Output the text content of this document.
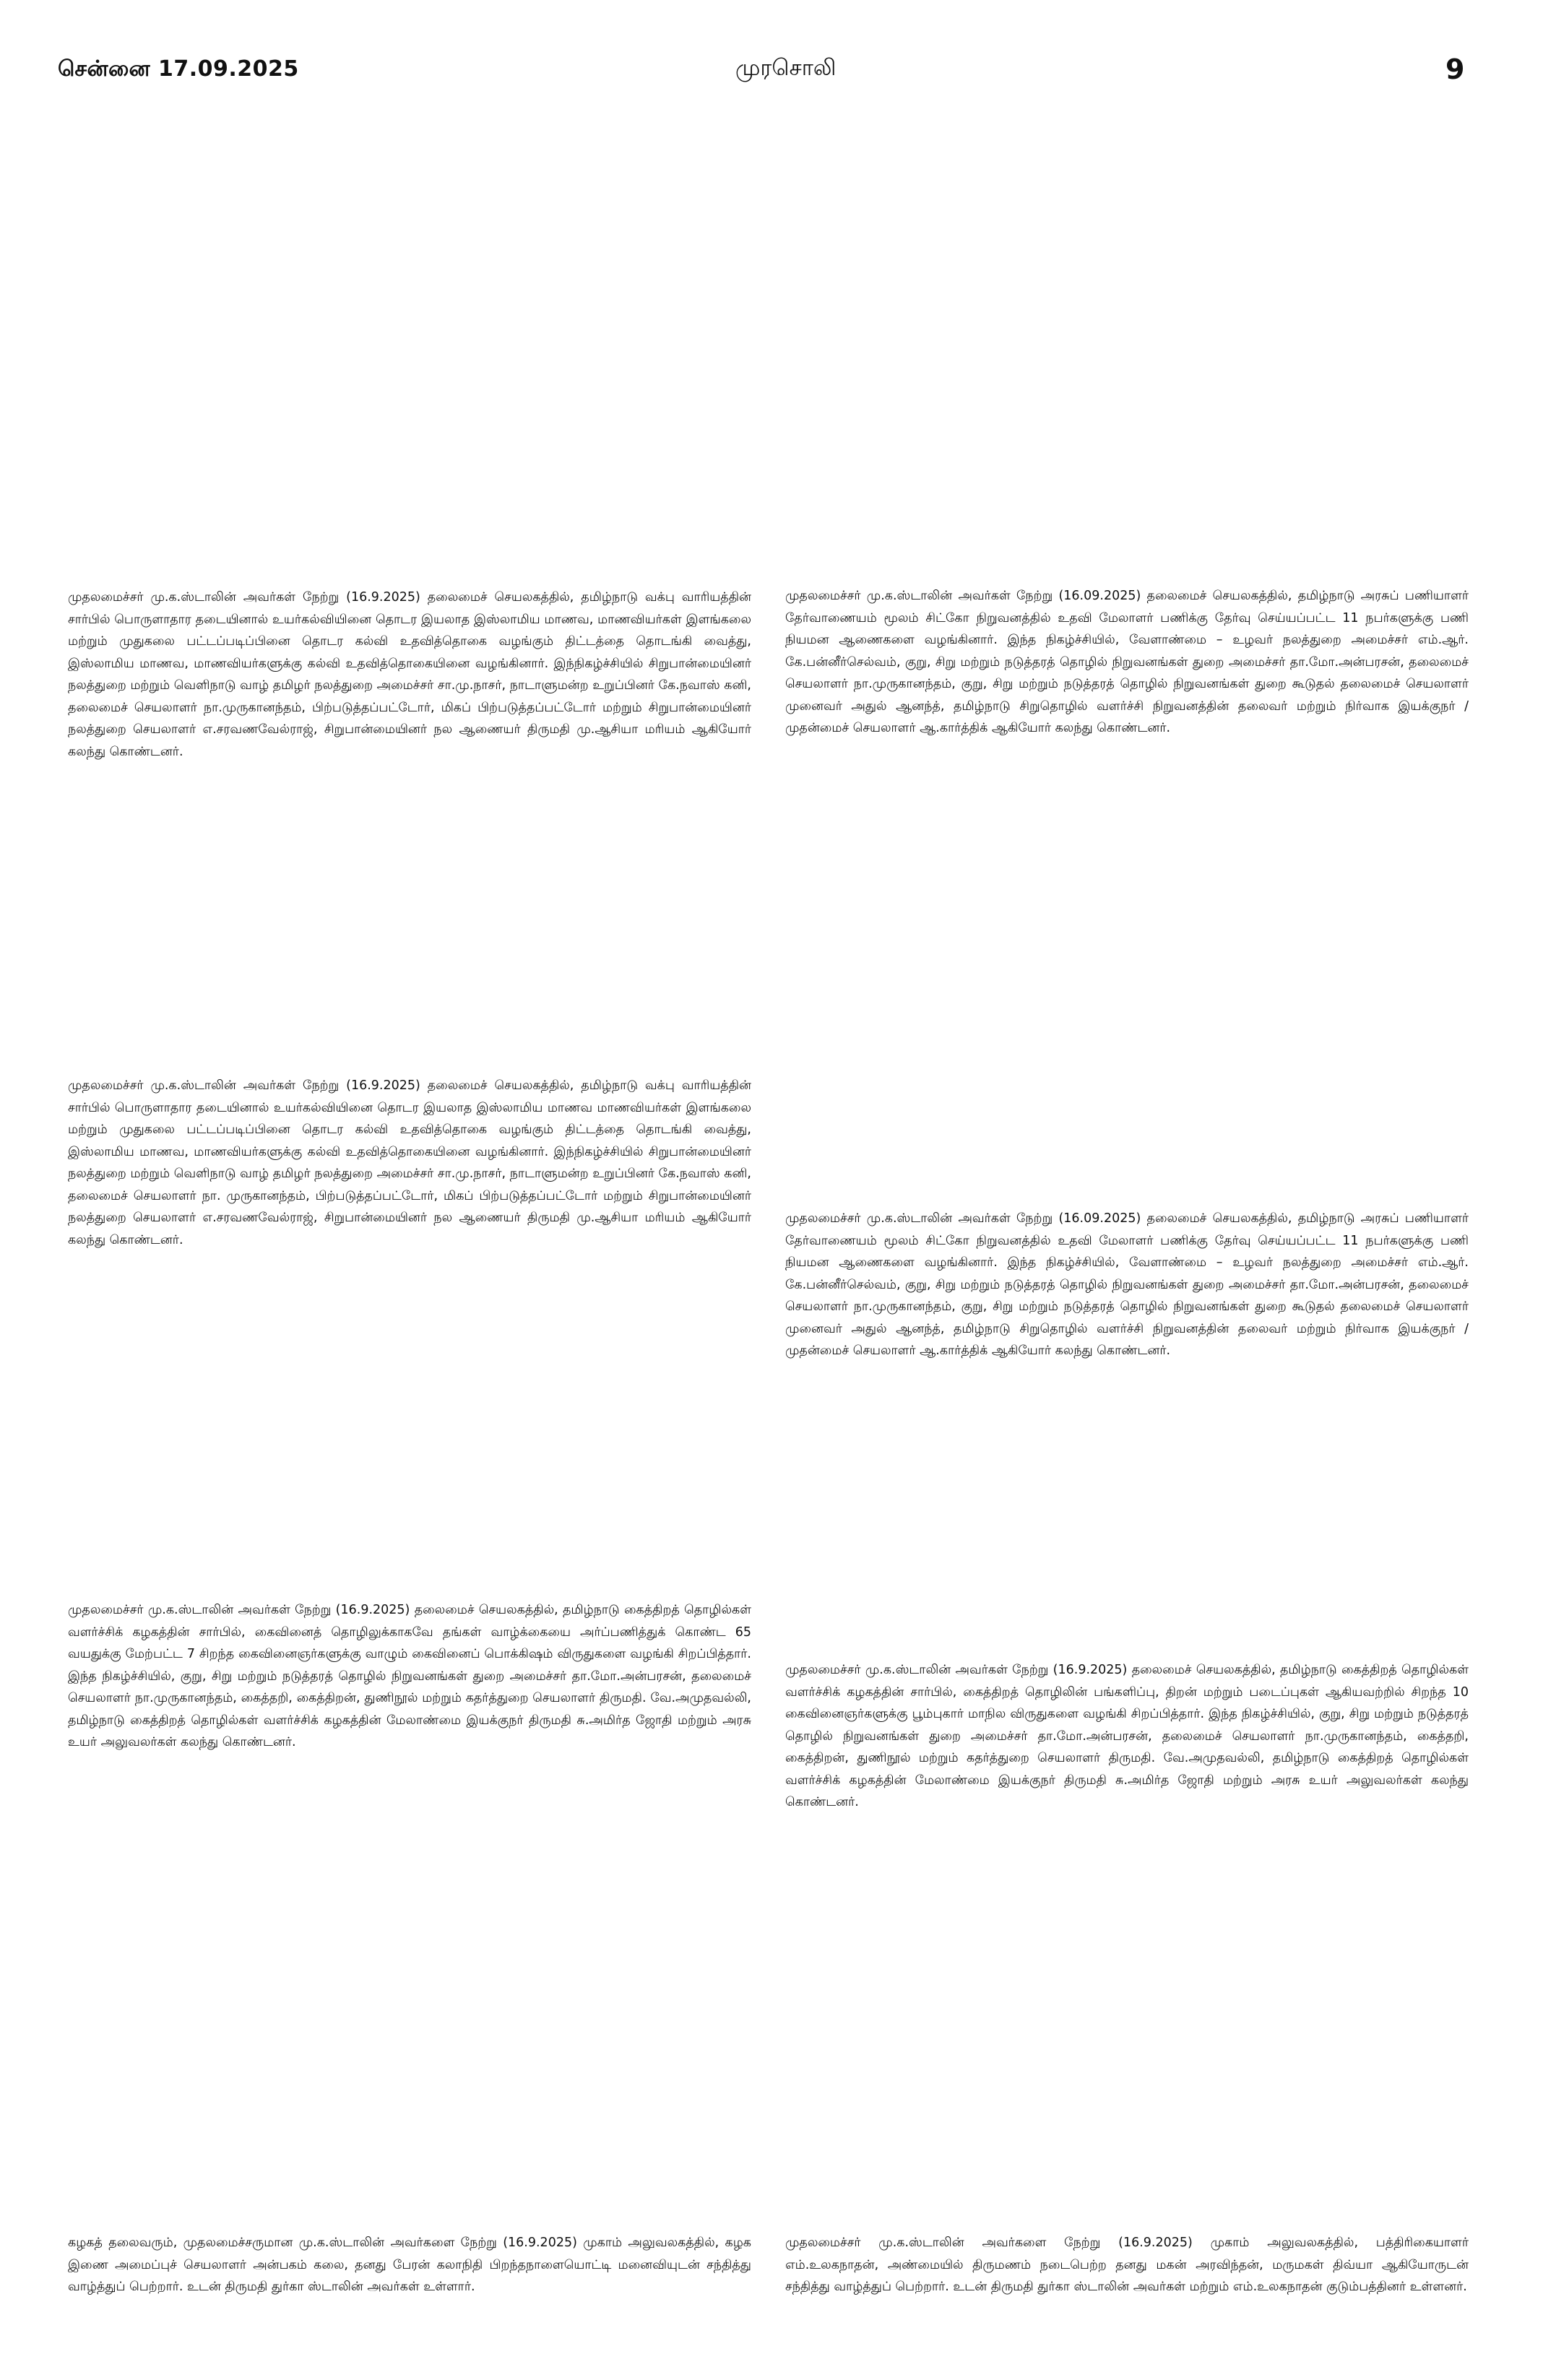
சென்னை 17.09.2025	முரசொலி	9

முதலமைச்சர் மு.க.ஸ்டாலின் அவர்கள் நேற்று (16.9.2025) தலைமைச் செயலகத்தில், தமிழ்நாடு வக்பு வாரியத்தின் சார்பில் பொருளாதார தடையினால் உயர்கல்வியினை தொடர இயலாத இஸ்லாமிய மாணவ, மாணவியர்கள் இளங்கலை மற்றும் முதுகலை பட்டப்படிப்பினை தொடர கல்வி உதவித்தொகை வழங்கும் திட்டத்தை தொடங்கி வைத்து, இஸ்லாமிய மாணவ, மாணவியர்களுக்கு கல்வி உதவித்தொகையினை வழங்கினார். இந்நிகழ்ச்சியில் சிறுபான்மையினர் நலத்துறை மற்றும் வெளிநாடு வாழ் தமிழர் நலத்துறை அமைச்சர் சா.மு.நாசர், நாடாளுமன்ற உறுப்பினர் கே.நவாஸ் கனி, தலைமைச் செயலாளர் நா.முருகானந்தம், பிற்படுத்தப்பட்டோர், மிகப் பிற்படுத்தப்பட்டோர் மற்றும் சிறுபான்மையினர் நலத்துறை செயலாளர் எ.சரவணவேல்ராஜ், சிறுபான்மையினர் நல ஆணையர் திருமதி மு.ஆசியா மரியம் ஆகியோர் கலந்து கொண்டனர்.

முதலமைச்சர் மு.க.ஸ்டாலின் அவர்கள் நேற்று (16.09.2025) தலைமைச் செயலகத்தில், தமிழ்நாடு அரசுப் பணியாளர் தேர்வாணையம் மூலம் சிட்கோ நிறுவனத்தில் உதவி மேலாளர் பணிக்கு தேர்வு செய்யப்பட்ட 11 நபர்களுக்கு பணி நியமன ஆணைகளை வழங்கினார். இந்த நிகழ்ச்சியில், வேளாண்மை – உழவர் நலத்துறை அமைச்சர் எம்.ஆர். கே.பன்னீர்செல்வம், குறு, சிறு மற்றும் நடுத்தரத் தொழில் நிறுவனங்கள் துறை அமைச்சர் தா.மோ.அன்பரசன், தலைமைச் செயலாளர் நா.முருகானந்தம், குறு, சிறு மற்றும் நடுத்தரத் தொழில் நிறுவனங்கள் துறை கூடுதல் தலைமைச் செயலாளர் முனைவர் அதுல் ஆனந்த், தமிழ்நாடு சிறுதொழில் வளர்ச்சி நிறுவனத்தின் தலைவர் மற்றும் நிர்வாக இயக்குநர் / முதன்மைச் செயலாளர் ஆ.கார்த்திக் ஆகியோர் கலந்து கொண்டனர்.

முதலமைச்சர் மு.க.ஸ்டாலின் அவர்கள் நேற்று (16.9.2025) தலைமைச் செயலகத்தில், தமிழ்நாடு வக்பு வாரியத்தின் சார்பில் பொருளாதார தடையினால் உயர்கல்வியினை தொடர இயலாத இஸ்லாமிய மாணவ மாணவியர்கள் இளங்கலை மற்றும் முதுகலை பட்டப்படிப்பினை தொடர கல்வி உதவித்தொகை வழங்கும் திட்டத்தை தொடங்கி வைத்து, இஸ்லாமிய மாணவ, மாணவியர்களுக்கு கல்வி உதவித்தொகையினை வழங்கினார். இந்நிகழ்ச்சியில் சிறுபான்மையினர் நலத்துறை மற்றும் வெளிநாடு வாழ் தமிழர் நலத்துறை அமைச்சர் சா.மு.நாசர், நாடாளுமன்ற உறுப்பினர் கே.நவாஸ் கனி, தலைமைச் செயலாளர் நா. முருகானந்தம், பிற்படுத்தப்பட்டோர், மிகப் பிற்படுத்தப்பட்டோர் மற்றும் சிறுபான்மையினர் நலத்துறை செயலாளர் எ.சரவணவேல்ராஜ், சிறுபான்மையினர் நல ஆணையர் திருமதி மு.ஆசியா மரியம் ஆகியோர் கலந்து கொண்டனர்.

முதலமைச்சர் மு.க.ஸ்டாலின் அவர்கள் நேற்று (16.09.2025) தலைமைச் செயலகத்தில், தமிழ்நாடு அரசுப் பணியாளர் தேர்வாணையம் மூலம் சிட்கோ நிறுவனத்தில் உதவி மேலாளர் பணிக்கு தேர்வு செய்யப்பட்ட 11 நபர்களுக்கு பணி நியமன ஆணைகளை வழங்கினார். இந்த நிகழ்ச்சியில், வேளாண்மை – உழவர் நலத்துறை அமைச்சர் எம்.ஆர். கே.பன்னீர்செல்வம், குறு, சிறு மற்றும் நடுத்தரத் தொழில் நிறுவனங்கள் துறை அமைச்சர் தா.மோ.அன்பரசன், தலைமைச் செயலாளர் நா.முருகானந்தம், குறு, சிறு மற்றும் நடுத்தரத் தொழில் நிறுவனங்கள் துறை கூடுதல் தலைமைச் செயலாளர் முனைவர் அதுல் ஆனந்த், தமிழ்நாடு சிறுதொழில் வளர்ச்சி நிறுவனத்தின் தலைவர் மற்றும் நிர்வாக இயக்குநர் / முதன்மைச் செயலாளர் ஆ.கார்த்திக் ஆகியோர் கலந்து கொண்டனர்.

முதலமைச்சர் மு.க.ஸ்டாலின் அவர்கள் நேற்று (16.9.2025) தலைமைச் செயலகத்தில், தமிழ்நாடு கைத்திறத் தொழில்கள் வளர்ச்சிக் கழகத்தின் சார்பில், கைவினைத் தொழிலுக்காகவே தங்கள் வாழ்க்கையை அர்ப்பணித்துக் கொண்ட 65 வயதுக்கு மேற்பட்ட 7 சிறந்த கைவினைஞர்களுக்கு வாழும் கைவினைப் பொக்கிஷம் விருதுகளை வழங்கி சிறப்பித்தார். இந்த நிகழ்ச்சியில், குறு, சிறு மற்றும் நடுத்தரத் தொழில் நிறுவனங்கள் துறை அமைச்சர் தா.மோ.அன்பரசன், தலைமைச் செயலாளர் நா.முருகானந்தம், கைத்தறி, கைத்திறன், துணிநூல் மற்றும் கதர்த்துறை செயலாளர் திருமதி. வே.அமுதவல்லி, தமிழ்நாடு கைத்திறத் தொழில்கள் வளர்ச்சிக் கழகத்தின் மேலாண்மை இயக்குநர் திருமதி சு.அமிர்த ஜோதி மற்றும் அரசு உயர் அலுவலர்கள் கலந்து கொண்டனர்.

முதலமைச்சர் மு.க.ஸ்டாலின் அவர்கள் நேற்று (16.9.2025) தலைமைச் செயலகத்தில், தமிழ்நாடு கைத்திறத் தொழில்கள் வளர்ச்சிக் கழகத்தின் சார்பில், கைத்திறத் தொழிலின் பங்களிப்பு, திறன் மற்றும் படைப்புகள் ஆகியவற்றில் சிறந்த 10 கைவினைஞர்களுக்கு பூம்புகார் மாநில விருதுகளை வழங்கி சிறப்பித்தார். இந்த நிகழ்ச்சியில், குறு, சிறு மற்றும் நடுத்தரத் தொழில் நிறுவனங்கள் துறை அமைச்சர் தா.மோ.அன்பரசன், தலைமைச் செயலாளர் நா.முருகானந்தம், கைத்தறி, கைத்திறன், துணிநூல் மற்றும் கதர்த்துறை செயலாளர் திருமதி. வே.அமுதவல்லி, தமிழ்நாடு கைத்திறத் தொழில்கள் வளர்ச்சிக் கழகத்தின் மேலாண்மை இயக்குநர் திருமதி சு.அமிர்த ஜோதி மற்றும் அரசு உயர் அலுவலர்கள் கலந்து கொண்டனர்.

கழகத் தலைவரும், முதலமைச்சருமான மு.க.ஸ்டாலின் அவர்களை நேற்று (16.9.2025) முகாம் அலுவலகத்தில், கழக இணை அமைப்புச் செயலாளர் அன்பகம் கலை, தனது பேரன் கலாநிதி பிறந்தநாளையொட்டி மனைவியுடன் சந்தித்து வாழ்த்துப் பெற்றார். உடன் திருமதி துர்கா ஸ்டாலின் அவர்கள் உள்ளார்.

முதலமைச்சர் மு.க.ஸ்டாலின் அவர்களை நேற்று (16.9.2025) முகாம் அலுவலகத்தில், பத்திரிகையாளர் எம்.உலகநாதன், அண்மையில் திருமணம் நடைபெற்ற தனது மகன் அரவிந்தன், மருமகள் திவ்யா ஆகியோருடன் சந்தித்து வாழ்த்துப் பெற்றார். உடன் திருமதி துர்கா ஸ்டாலின் அவர்கள் மற்றும் எம்.உலகநாதன் குடும்பத்தினர் உள்ளனர்.
